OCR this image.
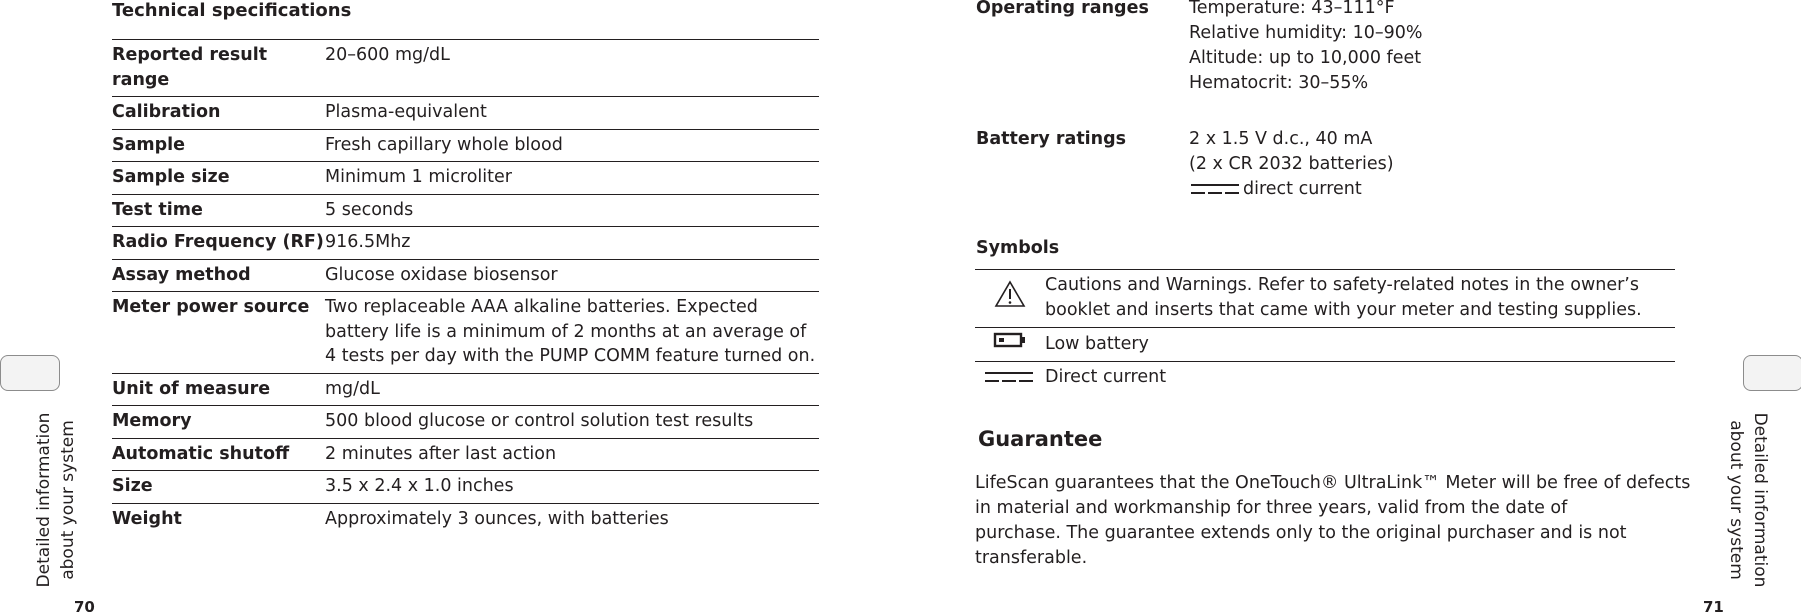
Technical specifications
Reported result range	20–600 mg/dL
Calibration	Plasma-equivalent
Sample	Fresh capillary whole blood
Sample size	Minimum 1 microliter
Test time	5 seconds
Radio Frequency (RF)	916.5Mhz
Assay method	Glucose oxidase biosensor
Meter power source	Two replaceable AAA alkaline batteries. Expected
battery life is a minimum of 2 months at an average of
4 tests per day with the PUMP COMM feature turned on.

Unit of measure	mg/dL
Memory	500 blood glucose or control solution test results
Automatic shutoff	2 minutes after last action
Size	3.5 x 2.4 x 1.0 inches
Weight	Approximately 3 ounces, with batteries
Detailed information about your system
70
Operating ranges Temperature: 43–111°F
Relative humidity: 10–90%
Altitude: up to 10,000 feet
Hematocrit: 30–55%
Battery ratings	2 x 1.5 V d.c., 40 mA
(2 x CR 2032 batteries)
direct current
Symbols

Cautions and Warnings. Refer to safety-related notes in the owner’s
booklet and inserts that came with your meter and testing supplies.

	Low battery

	Direct current
Guarantee
LifeScan guarantees that the OneTouch® UltraLink™ Meter will be free of defects
in material and workmanship for three years, valid from the date of
purchase. The guarantee extends only to the original purchaser and is not
transferable.	Detailed information
about your system
71
